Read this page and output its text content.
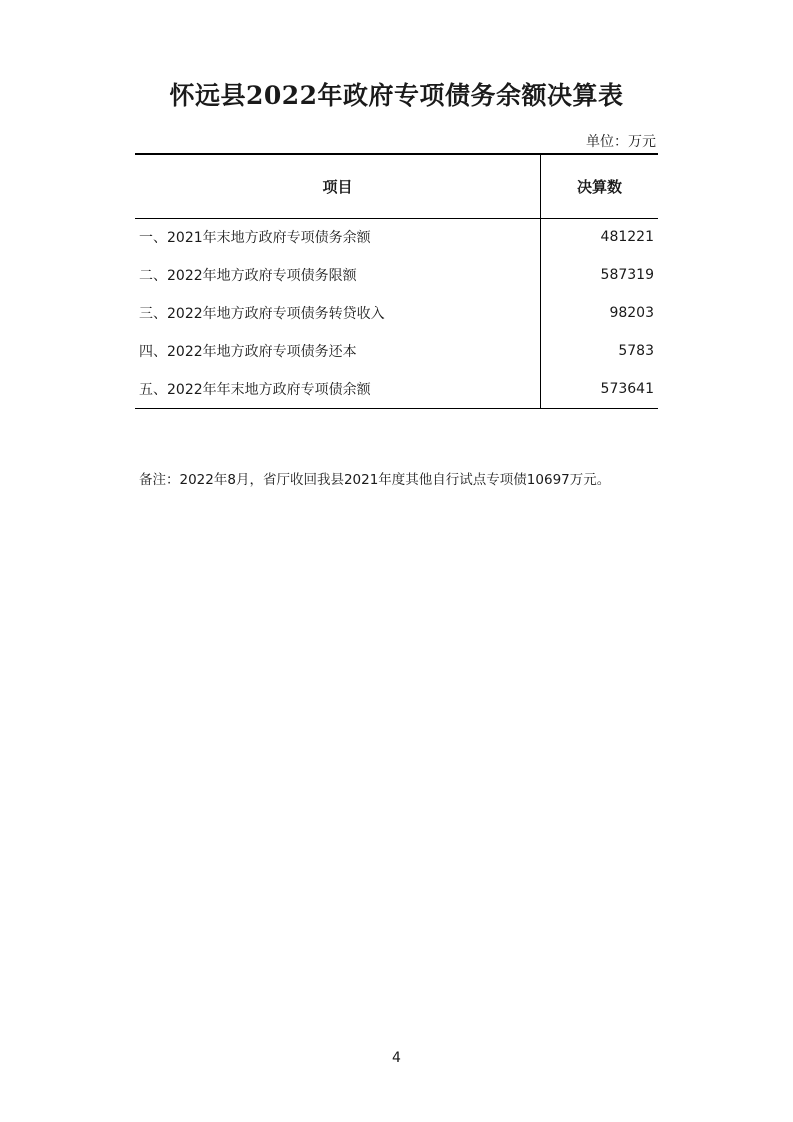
怀远县2022年政府专项债务余额决算表
单位：万元
项目	决算数
一、2021年末地方政府专项债务余额	481221
二、2022年地方政府专项债务限额	587319
三、2022年地方政府专项债务转贷收入	98203
四、2022年地方政府专项债务还本	5783
五、2022年年末地方政府专项债余额	573641
备注：2022年8月，省厅收回我县2021年度其他自行试点专项债10697万元。
4
